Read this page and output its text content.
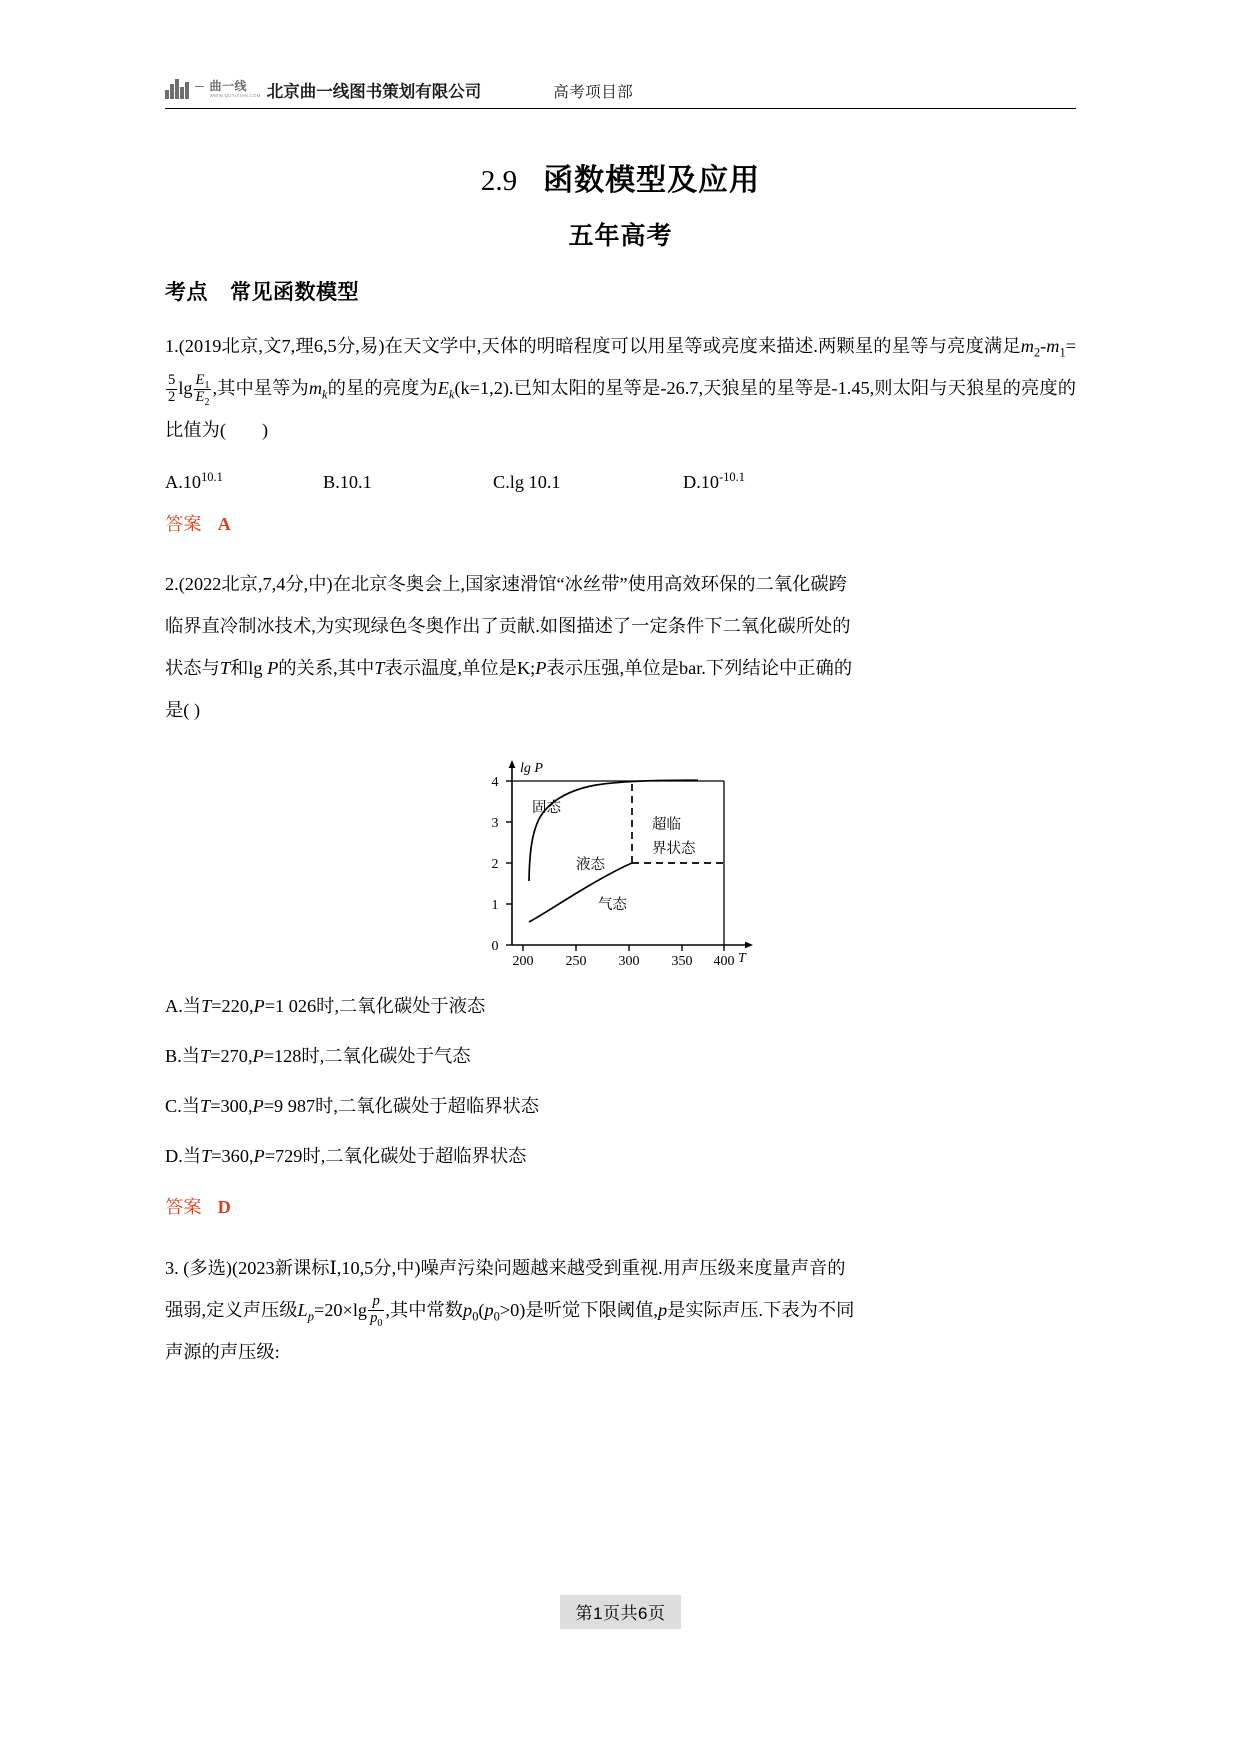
曲一线
WWW.QUYIXIAN.COM 北京曲一线图书策划有限公司	高考项目部
2.9 函数模型及应用
五年高考
考点 常见函数模型
1.(2019北京,文7,理6,5分,易)在天文学中,天体的明暗程度可以用星等或亮度来描述.两颗星的星等与亮度满足$m_2-m_1=$
$\frac{5}{2}$ $\lg \frac{E_1}{E_2}$ ,其中星等为$m_k$的星的亮度为$E_k(k=1,2)$.已知太阳的星等是-26.7,天狼星的星等是-1.45,则太阳与天狼星的亮度的比值为( )
A.1010.1	B.10.1	C.lg 10.1	D.10-10.1
答案 A
2.(2022北京,7,4分,中)在北京冬奥会上,国家速滑馆“冰丝带”使用高效环保的二氧化碳跨
临界直冷制冰技术,为实现绿色冬奥作出了贡献.如图描述了一定条件下二氧化碳所处的
状态与T和lg P的关系,其中T表示温度,单位是K;P表示压强,单位是bar.下列结论中正确的
是( )
lg P
T
0
1
2
3
4
200 250 300 350 400
固态
液态
超临
界状态
气态
A.当T=220,P=1 026时,二氧化碳处于液态
B.当T=270,P=128时,二氧化碳处于气态
C.当T=300,P=9 987时,二氧化碳处于超临界状态
D.当T=360,P=729时,二氧化碳处于超临界状态
答案 D
3. (多选)(2023新课标Ⅰ,10,5分,中)噪声污染问题越来越受到重视.用声压级来度量声音的
强弱,定义声压级$L_p=20\times\lg \frac{p}{p_0}$ ,其中常数$p_0(p_0>0)$是听觉下限阈值,p是实际声压.下表为不同
声源的声压级:
第1页共6页
